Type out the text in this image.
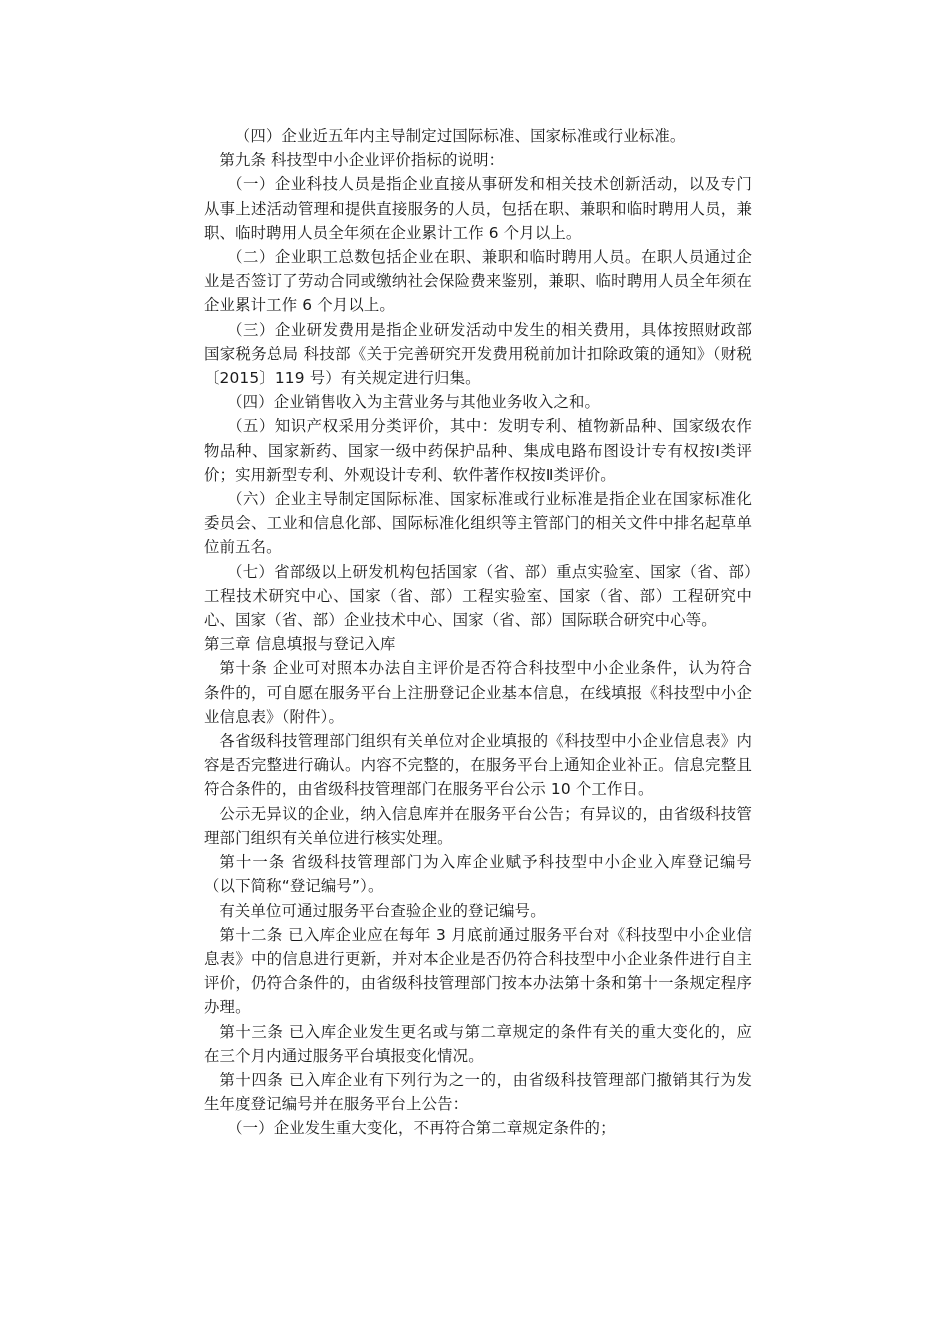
（四）企业近五年内主导制定过国际标准、国家标准或行业标准。

第九条 科技型中小企业评价指标的说明：

（一）企业科技人员是指企业直接从事研发和相关技术创新活动，以及专门从事上述活动管理和提供直接服务的人员，包括在职、兼职和临时聘用人员，兼职、临时聘用人员全年须在企业累计工作 6 个月以上。

（二）企业职工总数包括企业在职、兼职和临时聘用人员。在职人员通过企业是否签订了劳动合同或缴纳社会保险费来鉴别，兼职、临时聘用人员全年须在企业累计工作 6 个月以上。

（三）企业研发费用是指企业研发活动中发生的相关费用，具体按照财政部 国家税务总局 科技部《关于完善研究开发费用税前加计扣除政策的通知》（财税〔2015〕119 号）有关规定进行归集。

（四）企业销售收入为主营业务与其他业务收入之和。

（五）知识产权采用分类评价，其中：发明专利、植物新品种、国家级农作物品种、国家新药、国家一级中药保护品种、集成电路布图设计专有权按Ⅰ类评价；实用新型专利、外观设计专利、软件著作权按Ⅱ类评价。

（六）企业主导制定国际标准、国家标准或行业标准是指企业在国家标准化委员会、工业和信息化部、国际标准化组织等主管部门的相关文件中排名起草单位前五名。

（七）省部级以上研发机构包括国家（省、部）重点实验室、国家（省、部）工程技术研究中心、国家（省、部）工程实验室、国家（省、部）工程研究中心、国家（省、部）企业技术中心、国家（省、部）国际联合研究中心等。

第三章 信息填报与登记入库

第十条 企业可对照本办法自主评价是否符合科技型中小企业条件，认为符合条件的，可自愿在服务平台上注册登记企业基本信息，在线填报《科技型中小企业信息表》（附件）。

各省级科技管理部门组织有关单位对企业填报的《科技型中小企业信息表》内容是否完整进行确认。内容不完整的，在服务平台上通知企业补正。信息完整且符合条件的，由省级科技管理部门在服务平台公示 10 个工作日。

公示无异议的企业，纳入信息库并在服务平台公告；有异议的，由省级科技管理部门组织有关单位进行核实处理。

第十一条 省级科技管理部门为入库企业赋予科技型中小企业入库登记编号（以下简称“登记编号”）。

有关单位可通过服务平台查验企业的登记编号。

第十二条 已入库企业应在每年 3 月底前通过服务平台对《科技型中小企业信息表》中的信息进行更新，并对本企业是否仍符合科技型中小企业条件进行自主评价，仍符合条件的，由省级科技管理部门按本办法第十条和第十一条规定程序办理。

第十三条 已入库企业发生更名或与第二章规定的条件有关的重大变化的，应在三个月内通过服务平台填报变化情况。

第十四条 已入库企业有下列行为之一的，由省级科技管理部门撤销其行为发生年度登记编号并在服务平台上公告：

（一）企业发生重大变化，不再符合第二章规定条件的；
